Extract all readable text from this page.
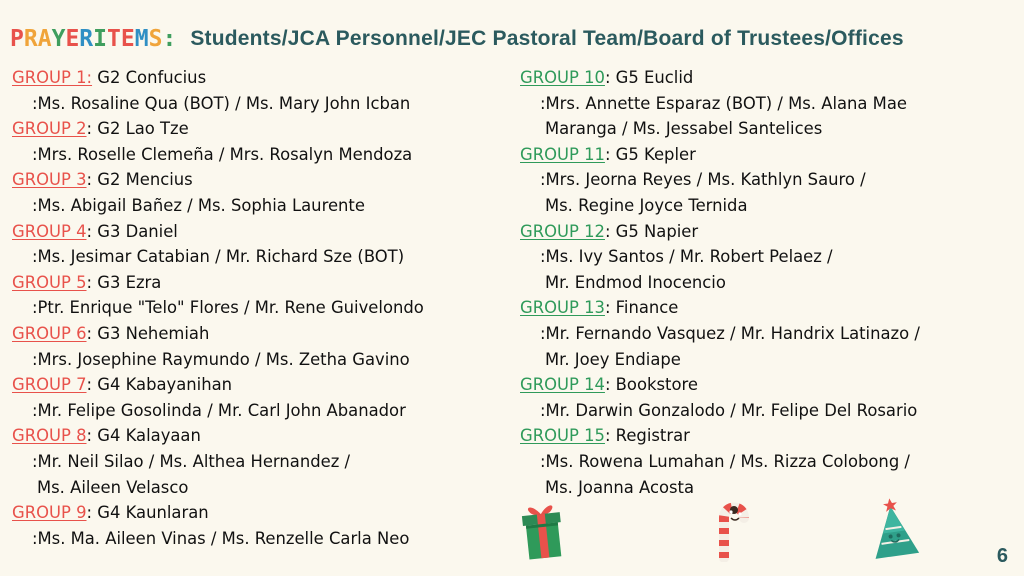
PRAYERITEMS: Students/JCA Personnel/JEC Pastoral Team/Board of Trustees/Offices
GROUP 1: G2 Confucius
:Ms. Rosaline Qua (BOT) / Ms. Mary John Icban
GROUP 2: G2 Lao Tze
:Mrs. Roselle Clemeña / Mrs. Rosalyn Mendoza
GROUP 3: G2 Mencius
:Ms. Abigail Bañez / Ms. Sophia Laurente
GROUP 4: G3 Daniel
:Ms. Jesimar Catabian / Mr. Richard Sze (BOT)
GROUP 5: G3 Ezra
:Ptr. Enrique "Telo" Flores / Mr. Rene Guivelondo
GROUP 6: G3 Nehemiah
:Mrs. Josephine Raymundo / Ms. Zetha Gavino
GROUP 7: G4 Kabayanihan
:Mr. Felipe Gosolinda / Mr. Carl John Abanador
GROUP 8: G4 Kalayaan
:Mr. Neil Silao / Ms. Althea Hernandez /
Ms. Aileen Velasco
GROUP 9: G4 Kaunlaran
:Ms. Ma. Aileen Vinas / Ms. Renzelle Carla Neo
GROUP 10: G5 Euclid
:Mrs. Annette Esparaz (BOT) / Ms. Alana Mae
Maranga / Ms. Jessabel Santelices
GROUP 11: G5 Kepler
:Mrs. Jeorna Reyes / Ms. Kathlyn Sauro /
Ms. Regine Joyce Ternida
GROUP 12: G5 Napier
:Ms. Ivy Santos / Mr. Robert Pelaez /
Mr. Endmod Inocencio
GROUP 13: Finance
:Mr. Fernando Vasquez / Mr. Handrix Latinazo /
Mr. Joey Endiape
GROUP 14: Bookstore
:Mr. Darwin Gonzalodo / Mr. Felipe Del Rosario
GROUP 15: Registrar
:Ms. Rowena Lumahan / Ms. Rizza Colobong /
Ms. Joanna Acosta
6
